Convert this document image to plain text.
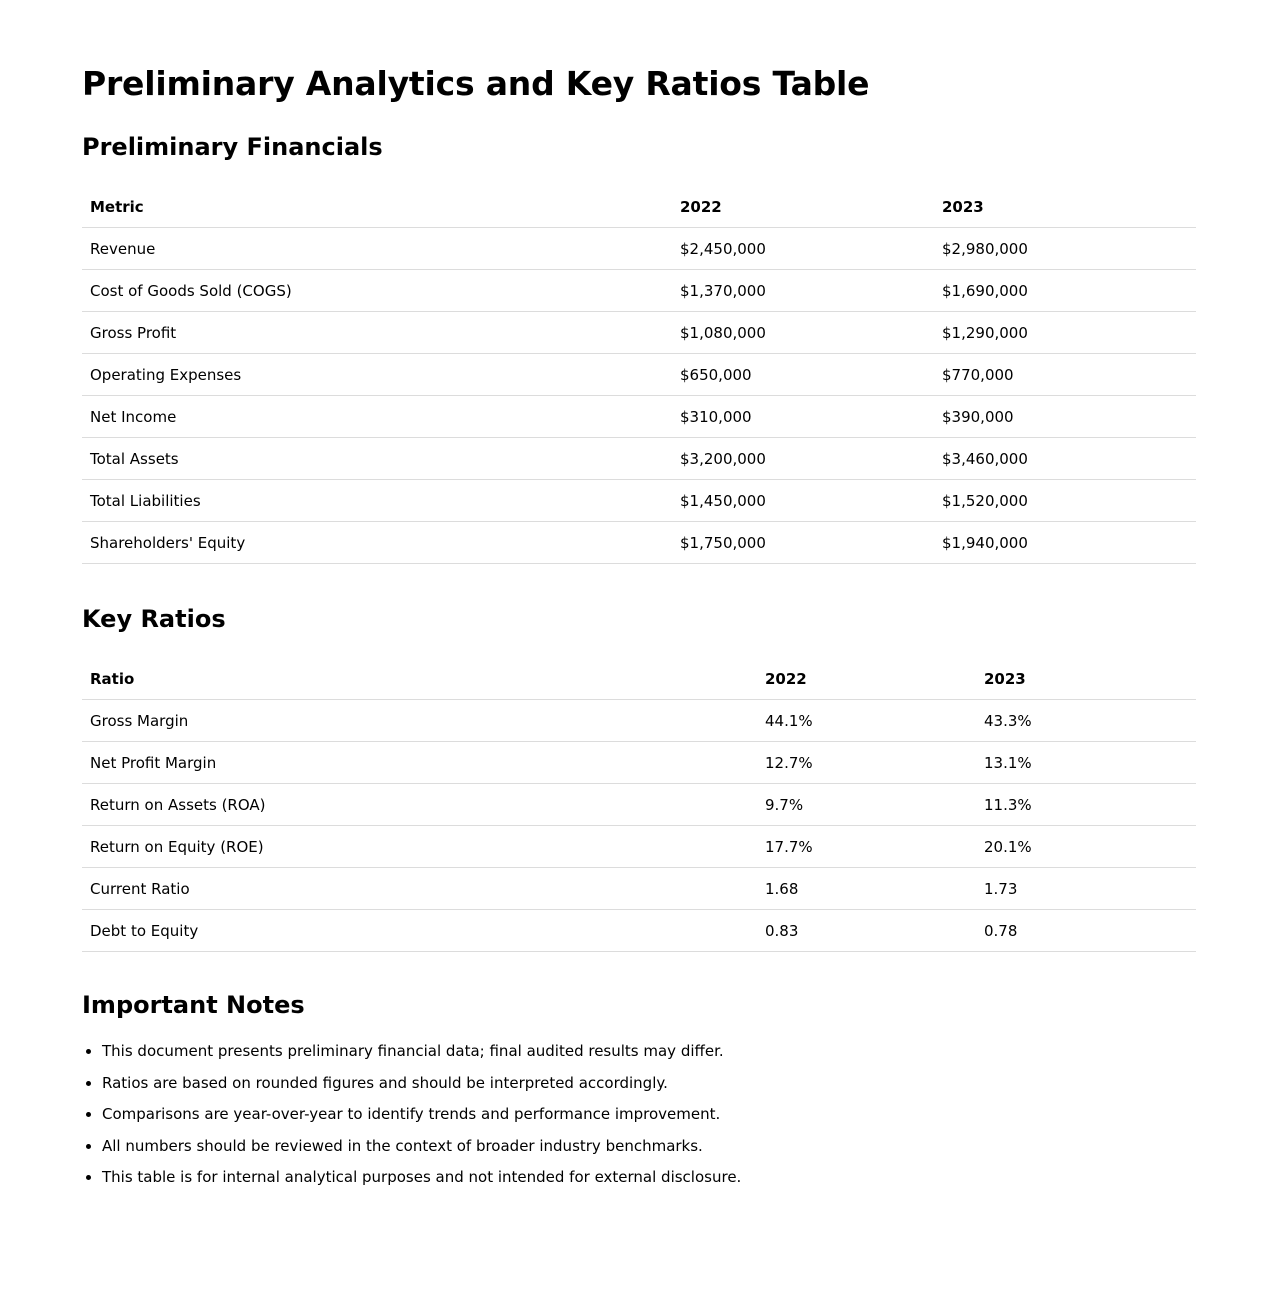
Preliminary Analytics and Key Ratios Table
Preliminary Financials
Metric	2022	2023
Revenue	$2,450,000	$2,980,000
Cost of Goods Sold (COGS)	$1,370,000	$1,690,000
Gross Profit	$1,080,000	$1,290,000
Operating Expenses	$650,000	$770,000
Net Income	$310,000	$390,000
Total Assets	$3,200,000	$3,460,000
Total Liabilities	$1,450,000	$1,520,000
Shareholders' Equity	$1,750,000	$1,940,000
Key Ratios
Ratio	2022	2023
Gross Margin	44.1%	43.3%
Net Profit Margin	12.7%	13.1%
Return on Assets (ROA)	9.7%	11.3%
Return on Equity (ROE)	17.7%	20.1%
Current Ratio	1.68	1.73
Debt to Equity	0.83	0.78
Important Notes
• This document presents preliminary financial data; final audited results may differ.
• Ratios are based on rounded figures and should be interpreted accordingly.
• Comparisons are year-over-year to identify trends and performance improvement.
• All numbers should be reviewed in the context of broader industry benchmarks.
• This table is for internal analytical purposes and not intended for external disclosure.
